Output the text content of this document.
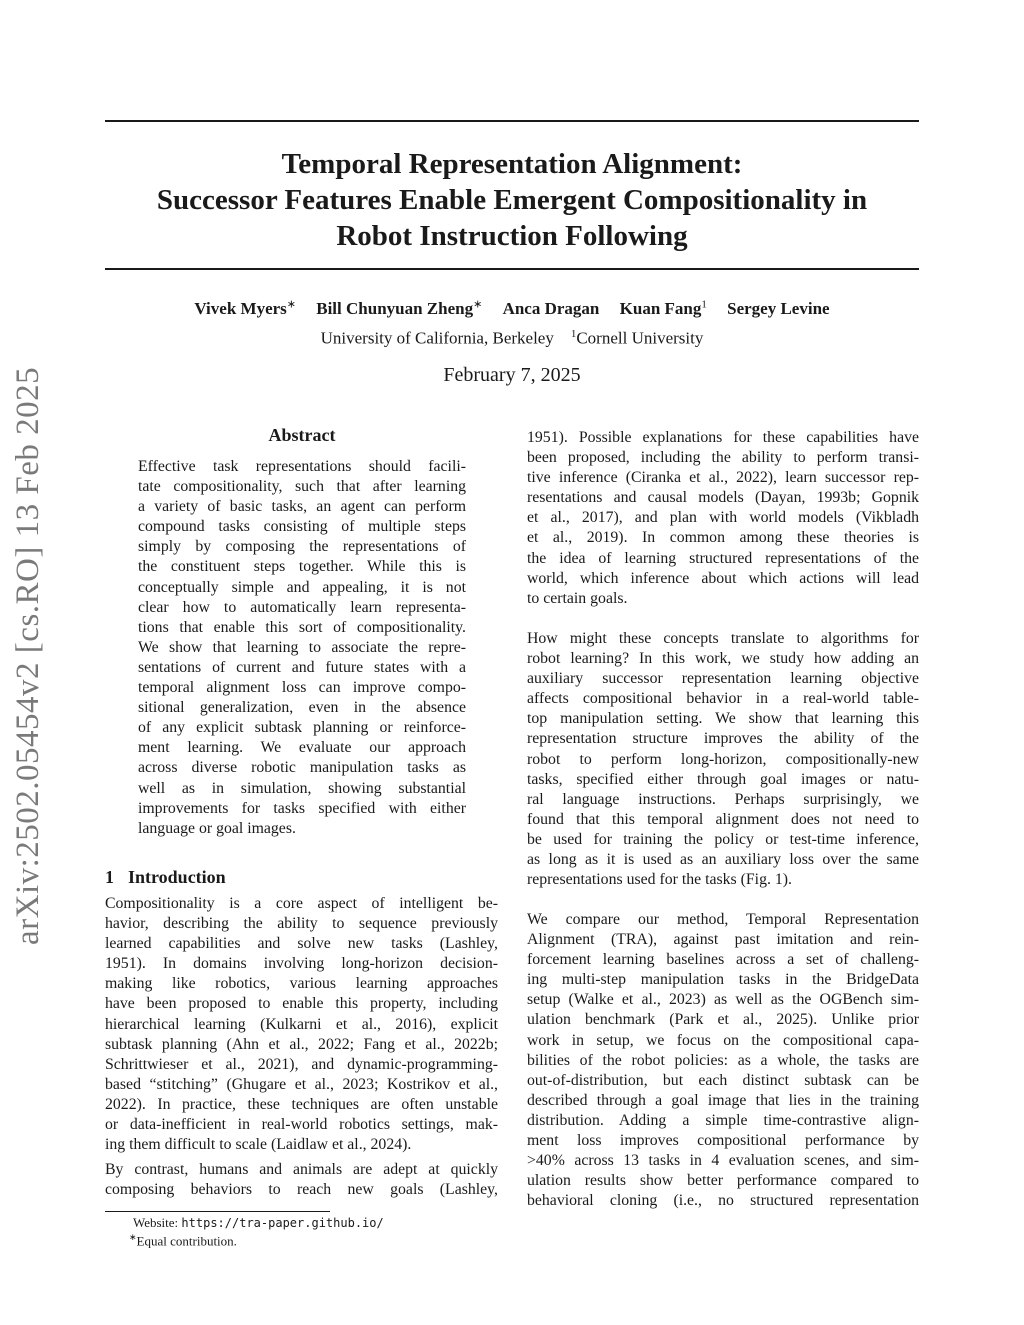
arXiv:2502.05454v2 [cs.RO] 13 Feb 2025
Temporal Representation Alignment:
Successor Features Enable Emergent Compositionality in
Robot Instruction Following
Vivek Myers∗ Bill Chunyuan Zheng∗ Anca Dragan Kuan Fang$^1$ Sergey Levine
University of California, Berkeley $^1$Cornell University
February 7, 2025
Abstract
Effective task representations should facili-
tate compositionality, such that after learning
a variety of basic tasks, an agent can perform
compound tasks consisting of multiple steps
simply by composing the representations of
the constituent steps together. While this is
conceptually simple and appealing, it is not
clear how to automatically learn representa-
tions that enable this sort of compositionality.
We show that learning to associate the repre-
sentations of current and future states with a
temporal alignment loss can improve compo-
sitional generalization, even in the absence
of any explicit subtask planning or reinforce-
ment learning. We evaluate our approach
across diverse robotic manipulation tasks as
well as in simulation, showing substantial
improvements for tasks specified with either
language or goal images.
1 Introduction
Compositionality is a core aspect of intelligent be-
havior, describing the ability to sequence previously
learned capabilities and solve new tasks (Lashley,
1951). In domains involving long-horizon decision-
making like robotics, various learning approaches
have been proposed to enable this property, including
hierarchical learning (Kulkarni et al., 2016), explicit
subtask planning (Ahn et al., 2022; Fang et al., 2022b;
Schrittwieser et al., 2021), and dynamic-programming-
based “stitching” (Ghugare et al., 2023; Kostrikov et al.,
2022). In practice, these techniques are often unstable
or data-inefficient in real-world robotics settings, mak-
ing them difficult to scale (Laidlaw et al., 2024).
By contrast, humans and animals are adept at quickly
composing behaviors to reach new goals (Lashley,
1951). Possible explanations for these capabilities have
been proposed, including the ability to perform transi-
tive inference (Ciranka et al., 2022), learn successor rep-
resentations and causal models (Dayan, 1993b; Gopnik
et al., 2017), and plan with world models (Vikbladh
et al., 2019). In common among these theories is
the idea of learning structured representations of the
world, which inference about which actions will lead
to certain goals.
How might these concepts translate to algorithms for
robot learning? In this work, we study how adding an
auxiliary successor representation learning objective
affects compositional behavior in a real-world table-
top manipulation setting. We show that learning this
representation structure improves the ability of the
robot to perform long-horizon, compositionally-new
tasks, specified either through goal images or natu-
ral language instructions. Perhaps surprisingly, we
found that this temporal alignment does not need to
be used for training the policy or test-time inference,
as long as it is used as an auxiliary loss over the same
representations used for the tasks (Fig. 1).
We compare our method, Temporal Representation
Alignment (TRA), against past imitation and rein-
forcement learning baselines across a set of challeng-
ing multi-step manipulation tasks in the BridgeData
setup (Walke et al., 2023) as well as the OGBench sim-
ulation benchmark (Park et al., 2025). Unlike prior
work in setup, we focus on the compositional capa-
bilities of the robot policies: as a whole, the tasks are
out-of-distribution, but each distinct subtask can be
described through a goal image that lies in the training
distribution. Adding a simple time-contrastive align-
ment loss improves compositional performance by
>40% across 13 tasks in 4 evaluation scenes, and sim-
ulation results show better performance compared to
behavioral cloning (i.e., no structured representation
Website: https://tra-paper.github.io/
∗Equal contribution.
